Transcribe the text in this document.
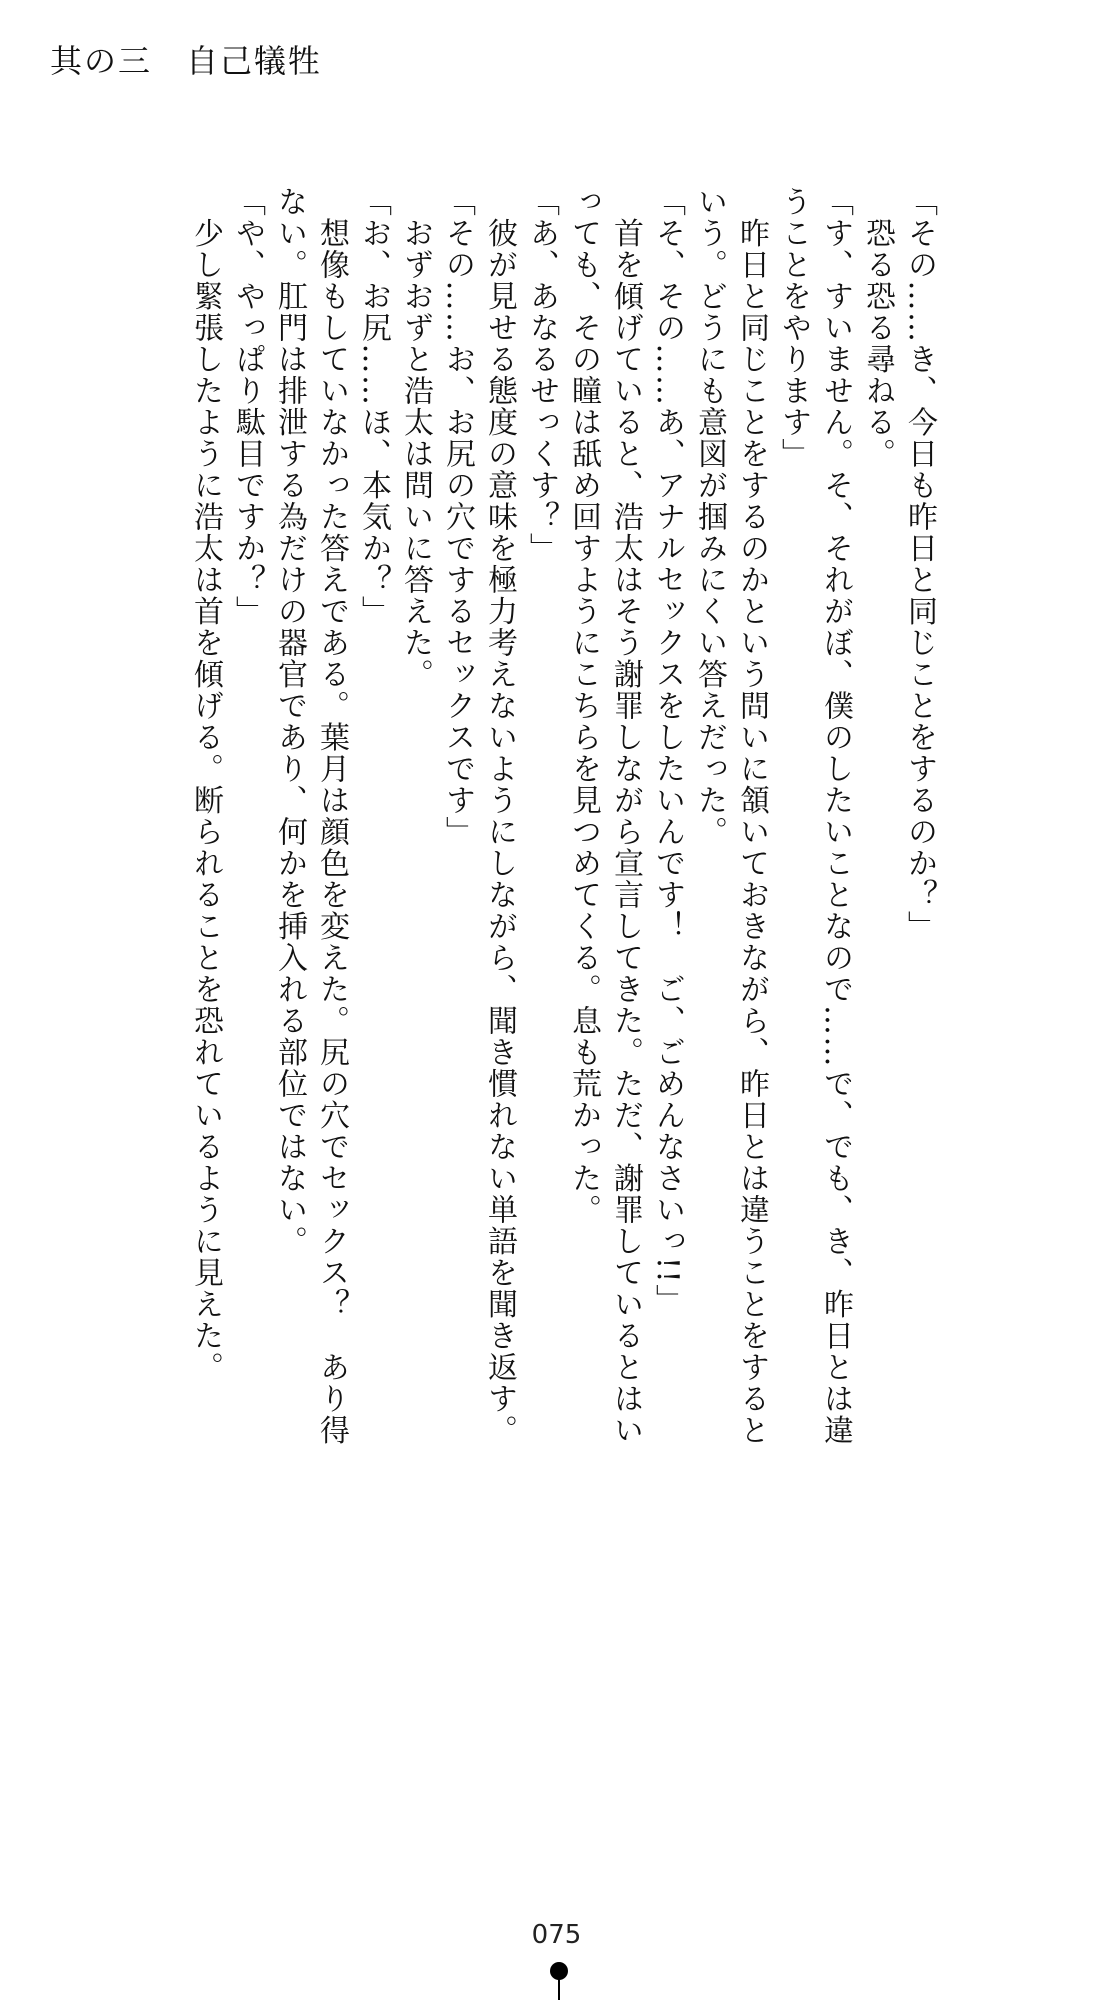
其の三　自己犠牲
「その……き、今日も昨日と同じことをするのか？」
　恐る恐る尋ねる。
「す、すいません。そ、それがぼ、僕のしたいことなので……で、でも、き、昨日とは違
うことをやります」
　昨日と同じことをするのかという問いに頷いておきながら、昨日とは違うことをすると
いう。どうにも意図が掴みにくい答えだった。
「そ、その……あ、アナルセックスをしたいんです！　ご、ごめんなさいっ!!」
　首を傾げていると、浩太はそう謝罪しながら宣言してきた。ただ、謝罪しているとはい
っても、その瞳は舐め回すようにこちらを見つめてくる。息も荒かった。
「あ、あなるせっくす？」
　彼が見せる態度の意味を極力考えないようにしながら、聞き慣れない単語を聞き返す。
「その……お、お尻の穴でするセックスです」
　おずおずと浩太は問いに答えた。
「お、お尻……ほ、本気か？」
　想像もしていなかった答えである。葉月は顔色を変えた。尻の穴でセックス？　あり得
ない。肛門は排泄する為だけの器官であり、何かを挿入れる部位ではない。
「や、やっぱり駄目ですか？」
　少し緊張したように浩太は首を傾げる。断られることを恐れているように見えた。
075
